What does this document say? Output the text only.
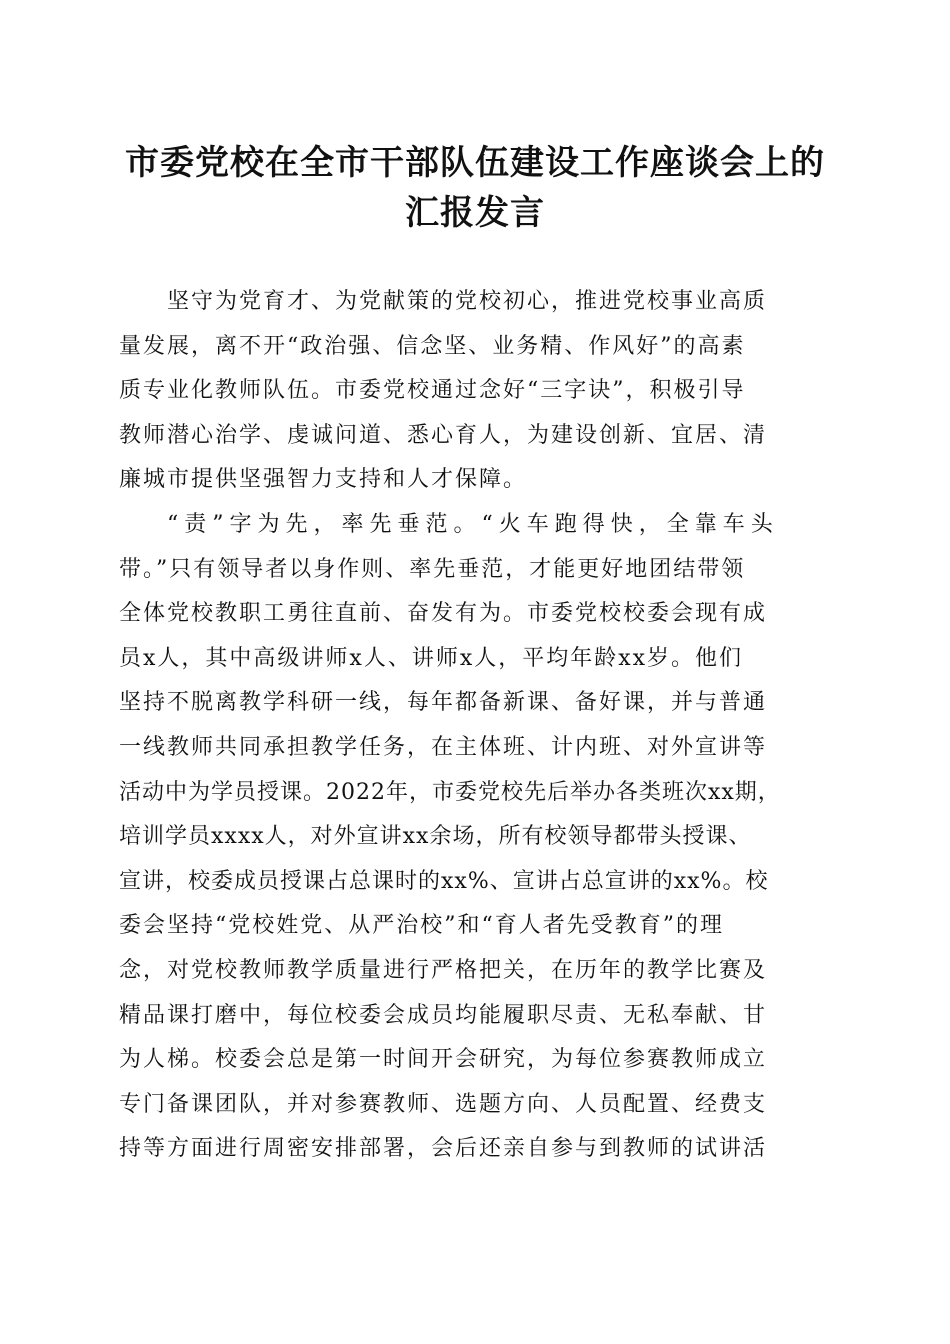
市委党校在全市干部队伍建设工作座谈会上的
汇报发言
坚守为党育才、为党献策的党校初心，推进党校事业高质
量发展，离不开“政治强、信念坚、业务精、作风好”的高素
质专业化教师队伍。市委党校通过念好“三字诀”，积极引导
教师潜心治学、虔诚问道、悉心育人，为建设创新、宜居、清
廉城市提供坚强智力支持和人才保障。
“责”字为先，率先垂范。“火车跑得快，全靠车头
带。”只有领导者以身作则、率先垂范，才能更好地团结带领
全体党校教职工勇往直前、奋发有为。市委党校校委会现有成
员x人，其中高级讲师x人、讲师x人，平均年龄xx岁。他们
坚持不脱离教学科研一线，每年都备新课、备好课，并与普通
一线教师共同承担教学任务，在主体班、计内班、对外宣讲等
活动中为学员授课。2022年，市委党校先后举办各类班次xx期，
培训学员xxxx人，对外宣讲xx余场，所有校领导都带头授课、
宣讲，校委成员授课占总课时的xx%、宣讲占总宣讲的xx%。校
委会坚持“党校姓党、从严治校”和“育人者先受教育”的理
念，对党校教师教学质量进行严格把关，在历年的教学比赛及
精品课打磨中，每位校委会成员均能履职尽责、无私奉献、甘
为人梯。校委会总是第一时间开会研究，为每位参赛教师成立
专门备课团队，并对参赛教师、选题方向、人员配置、经费支
持等方面进行周密安排部署，会后还亲自参与到教师的试讲活
